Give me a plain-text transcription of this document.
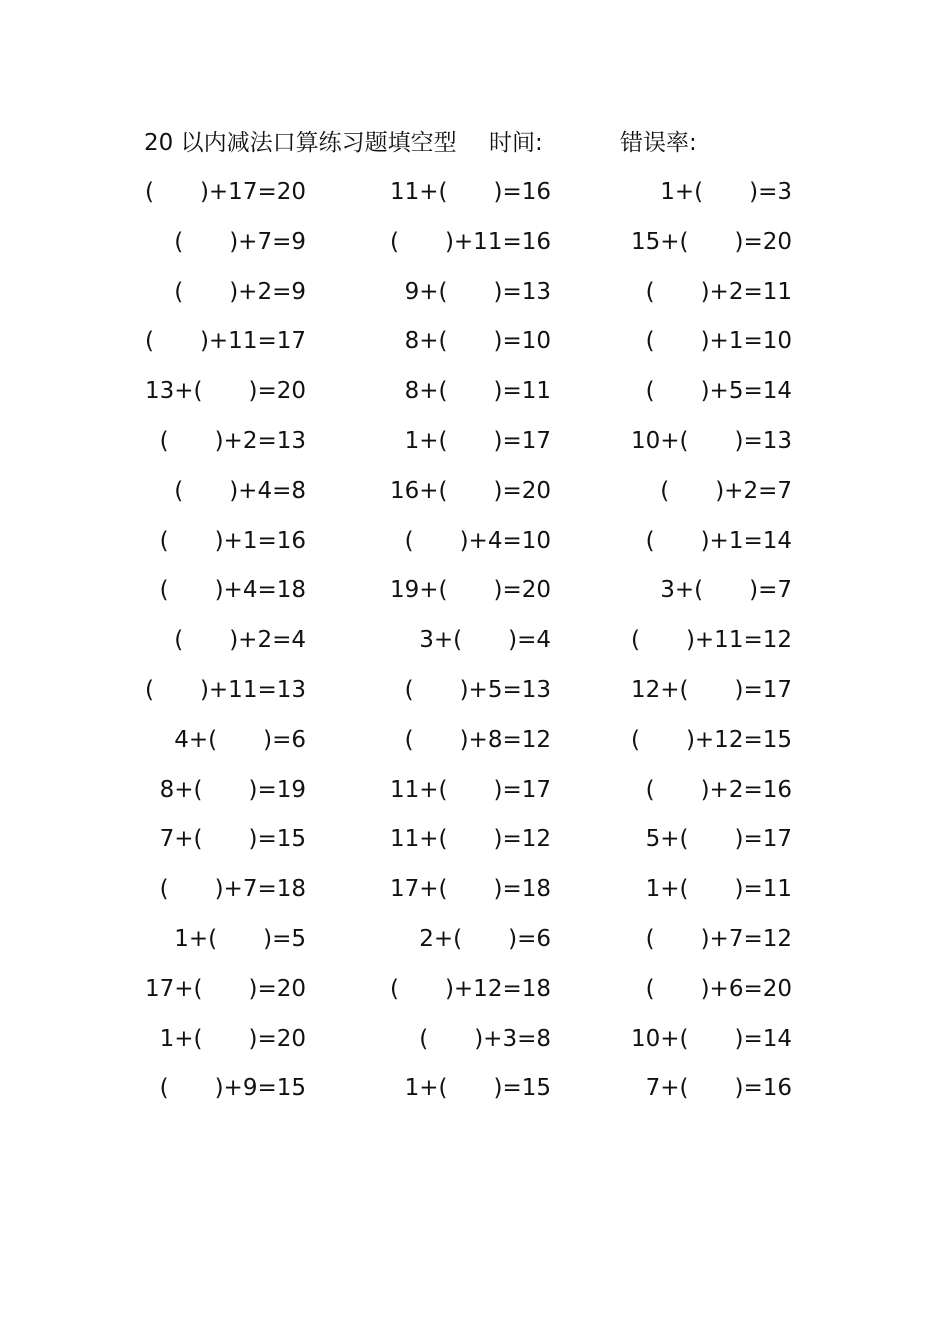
20 以内减法口算练习题填空型 时间:	错误率:
(　　)+17=20	11+(　　)=16	1+(　　)=3
(　　)+7=9	(　　)+11=16	15+(　　)=20
(　　)+2=9	9+(　　)=13	(　　)+2=11
(　　)+11=17	8+(　　)=10	(　　)+1=10
13+(　　)=20	8+(　　)=11	(　　)+5=14
(　　)+2=13	1+(　　)=17	10+(　　)=13
(　　)+4=8	16+(　　)=20	(　　)+2=7
(　　)+1=16	(　　)+4=10	(　　)+1=14
(　　)+4=18	19+(　　)=20	3+(　　)=7
(　　)+2=4	3+(　　)=4	(　　)+11=12
(　　)+11=13	(　　)+5=13	12+(　　)=17
4+(　　)=6	(　　)+8=12	(　　)+12=15
8+(　　)=19	11+(　　)=17	(　　)+2=16
7+(　　)=15	11+(　　)=12	5+(　　)=17
(　　)+7=18	17+(　　)=18	1+(　　)=11
1+(　　)=5	2+(　　)=6	(　　)+7=12
17+(　　)=20	(　　)+12=18	(　　)+6=20
1+(　　)=20	(　　)+3=8	10+(　　)=14
(　　)+9=15	1+(　　)=15	7+(　　)=16
